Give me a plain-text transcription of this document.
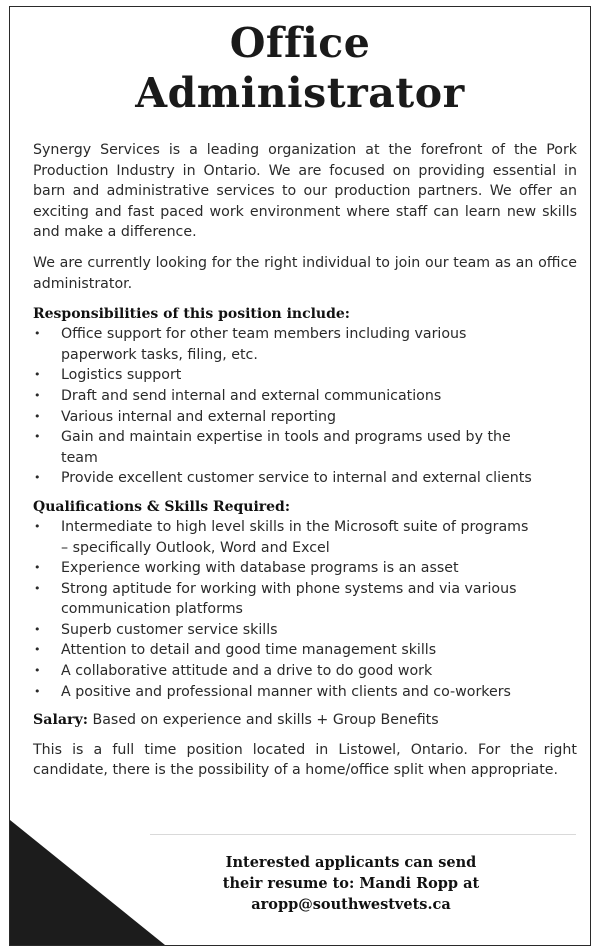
Office
Administrator

Synergy Services is a leading organization at the forefront of the Pork Production Industry in Ontario. We are focused on providing essential in barn and administrative services to our production partners. We offer an exciting and fast paced work environment where staff can learn new skills and make a difference.

We are currently looking for the right individual to join our team as an office administrator.

Responsibilities of this position include:
• Office support for other team members including various paperwork tasks, filing, etc.
• Logistics support
• Draft and send internal and external communications
• Various internal and external reporting
• Gain and maintain expertise in tools and programs used by the team
• Provide excellent customer service to internal and external clients
Qualifications & Skills Required:
• Intermediate to high level skills in the Microsoft suite of programs – specifically Outlook, Word and Excel
• Experience working with database programs is an asset
• Strong aptitude for working with phone systems and via various communication platforms
• Superb customer service skills
• Attention to detail and good time management skills
• A collaborative attitude and a drive to do good work
• A positive and professional manner with clients and co-workers

Salary: Based on experience and skills + Group Benefits

This is a full time position located in Listowel, Ontario. For the right candidate, there is the possibility of a home/office split when appropriate.

Interested applicants can send
their resume to: Mandi Ropp at
aropp@southwestvets.ca
